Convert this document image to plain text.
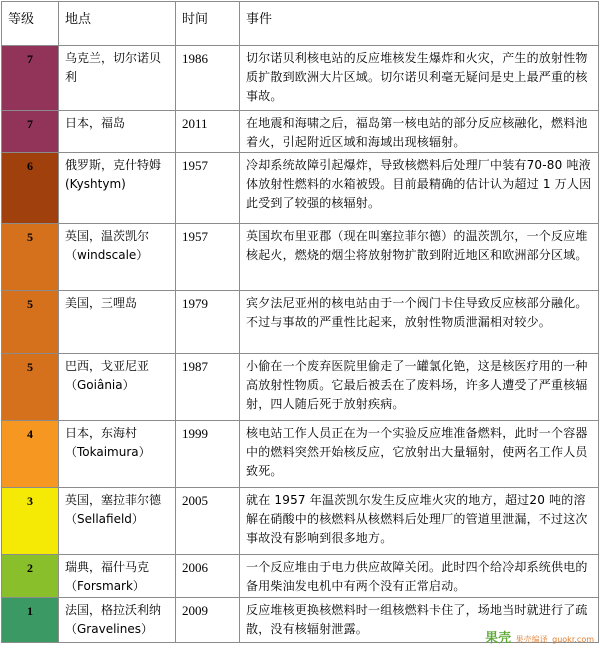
等级	地点	时间	事件
7	乌克兰，切尔诺贝利	1986	切尔诺贝利核电站的反应堆核发生爆炸和火灾，产生的放射性物质扩散到欧洲大片区域。切尔诺贝利毫无疑问是史上最严重的核事故。
7	日本，福岛	2011	在地震和海啸之后，福岛第一核电站的部分反应核融化，燃料池着火，引起附近区域和海域出现核辐射。
6	俄罗斯，克什特姆(Kyshtym)	1957	冷却系统故障引起爆炸，导致核燃料后处理厂中装有70-80 吨液体放射性燃料的水箱被毁。目前最精确的估计认为超过 1 万人因此受到了较强的核辐射。
5	英国，温茨凯尔（windscale）	1957	英国坎布里亚郡（现在叫塞拉菲尔德）的温茨凯尔，一个反应堆核起火，燃烧的烟尘将放射物扩散到附近地区和欧洲部分区域。
5	美国，三哩岛	1979	宾夕法尼亚州的核电站由于一个阀门卡住导致反应核部分融化。不过与事故的严重性比起来，放射性物质泄漏相对较少。
5	巴西，戈亚尼亚（Goiânia）	1987	小偷在一个废弃医院里偷走了一罐氯化铯，这是核医疗用的一种高放射性物质。它最后被丢在了废料场，许多人遭受了严重核辐射，四人随后死于放射疾病。
4	日本，东海村（Tokaimura）	1999	核电站工作人员正在为一个实验反应堆准备燃料，此时一个容器中的燃料突然开始核反应，它放射出大量辐射，使两名工作人员致死。
3	英国，塞拉菲尔德（Sellafield）	2005	就在 1957 年温茨凯尔发生反应堆火灾的地方，超过20 吨的溶解在硝酸中的核燃料从核燃料后处理厂的管道里泄漏，不过这次事故没有影响到很多地方。
2	瑞典，福什马克（Forsmark）	2006	一个反应堆由于电力供应故障关闭。此时四个给冷却系统供电的备用柴油发电机中有两个没有正常启动。
1	法国，格拉沃利纳（Gravelines）	2009	反应堆核更换核燃料时一组核燃料卡住了，场地当时就进行了疏散，没有核辐射泄露。
果壳 果壳编译 guokr.com
